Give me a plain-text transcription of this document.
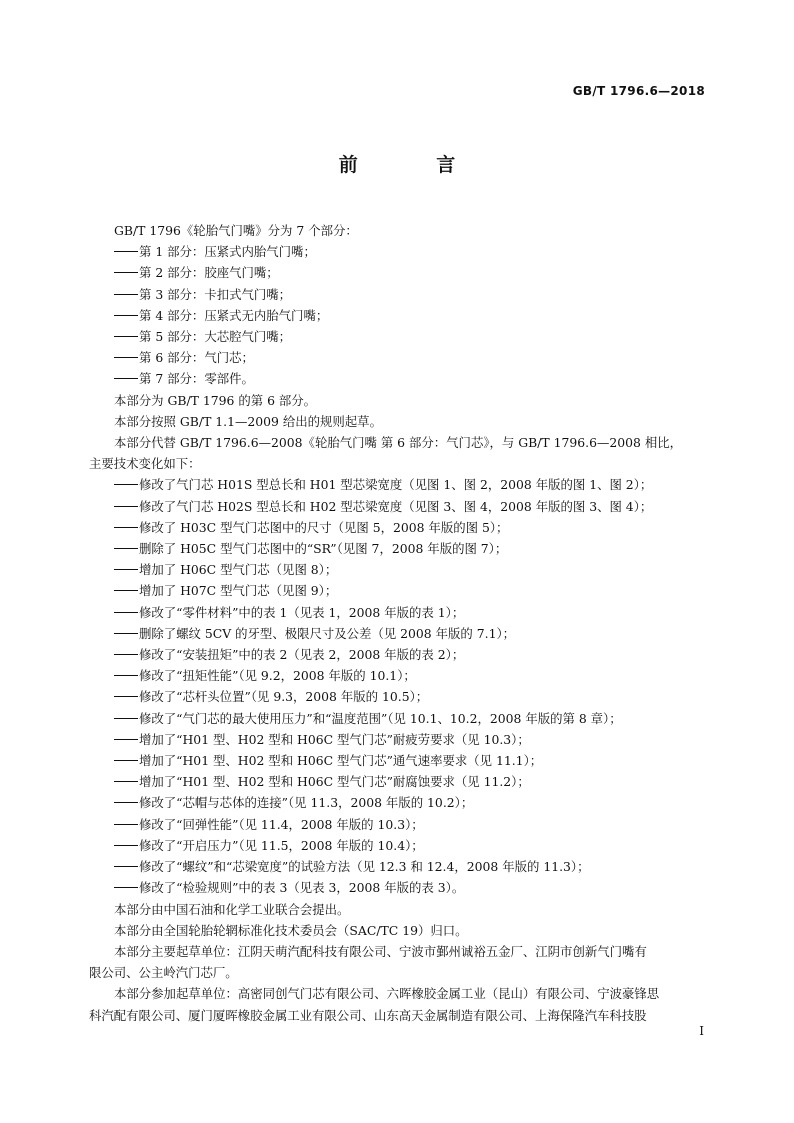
GB/T 1796.6—2018
前 言
GB/T 1796《轮胎气门嘴》分为 7 个部分：
第 1 部分：压紧式内胎气门嘴；
第 2 部分：胶座气门嘴；
第 3 部分：卡扣式气门嘴；
第 4 部分：压紧式无内胎气门嘴；
第 5 部分：大芯腔气门嘴；
第 6 部分：气门芯；
第 7 部分：零部件。
本部分为 GB/T 1796 的第 6 部分。
本部分按照 GB/T 1.1—2009 给出的规则起草。
本部分代替 GB/T 1796.6—2008《轮胎气门嘴 第 6 部分：气门芯》，与 GB/T 1796.6—2008 相比，
主要技术变化如下：
修改了气门芯 H01S 型总长和 H01 型芯梁宽度（见图 1、图 2，2008 年版的图 1、图 2）；
修改了气门芯 H02S 型总长和 H02 型芯梁宽度（见图 3、图 4，2008 年版的图 3、图 4）；
修改了 H03C 型气门芯图中的尺寸（见图 5，2008 年版的图 5）；
删除了 H05C 型气门芯图中的“SR”（见图 7，2008 年版的图 7）；
增加了 H06C 型气门芯（见图 8）；
增加了 H07C 型气门芯（见图 9）；
修改了“零件材料”中的表 1（见表 1，2008 年版的表 1）；
删除了螺纹 5CV 的牙型、极限尺寸及公差（见 2008 年版的 7.1）；
修改了“安装扭矩”中的表 2（见表 2，2008 年版的表 2）；
修改了“扭矩性能”（见 9.2，2008 年版的 10.1）；
修改了“芯杆头位置”（见 9.3，2008 年版的 10.5）；
修改了“气门芯的最大使用压力”和“温度范围”（见 10.1、10.2，2008 年版的第 8 章）；
增加了“H01 型、H02 型和 H06C 型气门芯”耐疲劳要求（见 10.3）；
增加了“H01 型、H02 型和 H06C 型气门芯”通气速率要求（见 11.1）；
增加了“H01 型、H02 型和 H06C 型气门芯”耐腐蚀要求（见 11.2）；
修改了“芯帽与芯体的连接”（见 11.3，2008 年版的 10.2）；
修改了“回弹性能”（见 11.4，2008 年版的 10.3）；
修改了“开启压力”（见 11.5，2008 年版的 10.4）；
修改了“螺纹”和“芯梁宽度”的试验方法（见 12.3 和 12.4，2008 年版的 11.3）；
修改了“检验规则”中的表 3（见表 3，2008 年版的表 3）。
本部分由中国石油和化学工业联合会提出。
本部分由全国轮胎轮辋标准化技术委员会（SAC/TC 19）归口。
本部分主要起草单位：江阴天萌汽配科技有限公司、宁波市鄞州诚裕五金厂、江阴市创新气门嘴有
限公司、公主岭汽门芯厂。
本部分参加起草单位：高密同创气门芯有限公司、六晖橡胶金属工业（昆山）有限公司、宁波豪锋思
科汽配有限公司、厦门厦晖橡胶金属工业有限公司、山东高天金属制造有限公司、上海保隆汽车科技股
I
